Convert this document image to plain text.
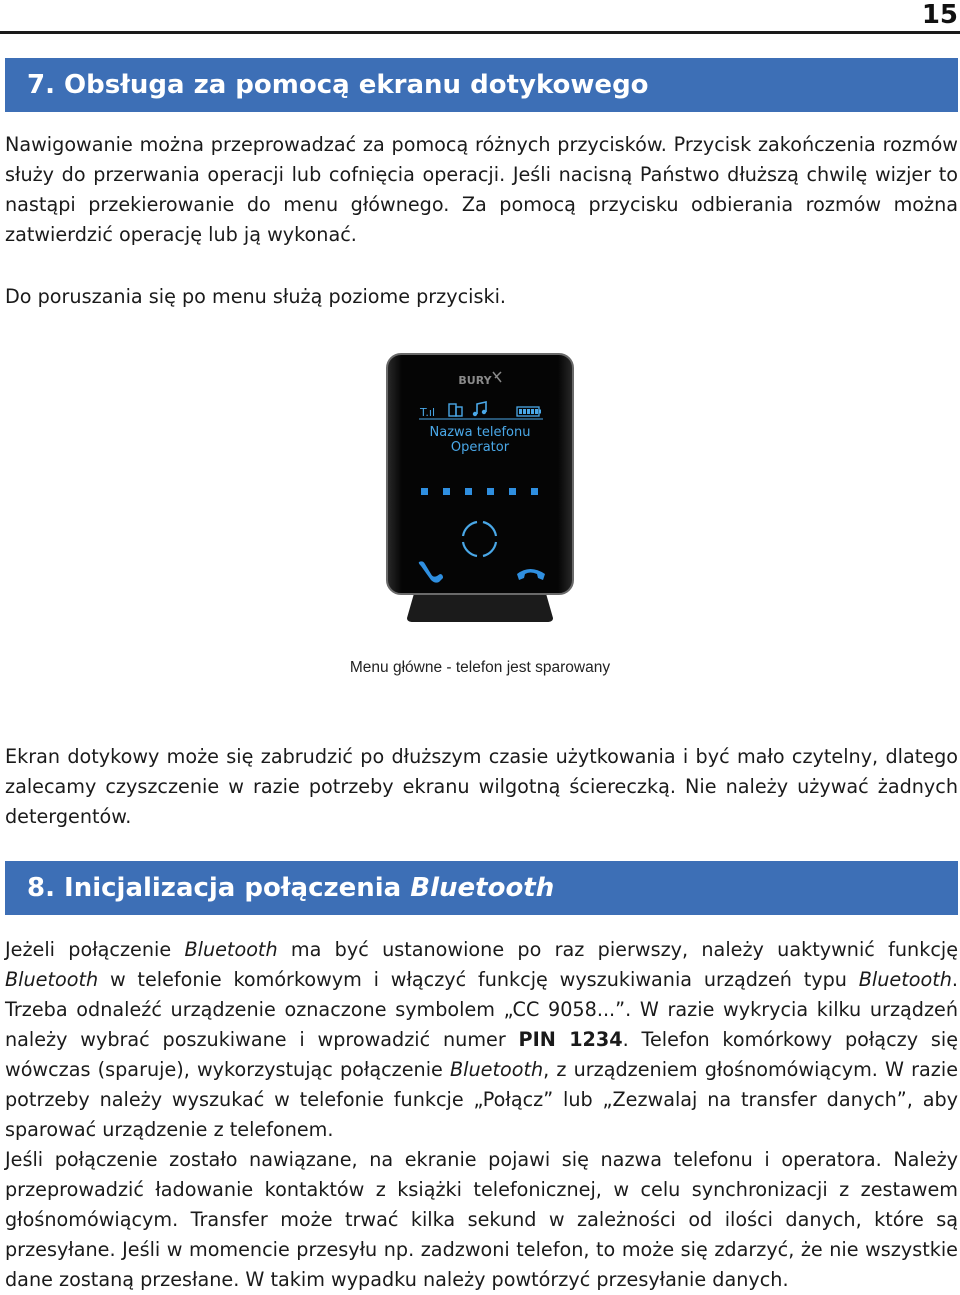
15
7. Obsługa za pomocą ekranu dotykowego

Nawigowanie można przeprowadzać za pomocą różnych przycisków. Przycisk zakończenia rozmów służy do przerwania operacji lub cofnięcia operacji. Jeśli nacisną Państwo dłuższą chwilę wizjer to nastąpi przekierowanie do menu głównego. Za pomocą przycisku odbierania rozmów można zatwierdzić operację lub ją wykonać.

Do poruszania się po menu służą poziome przyciski.

BURY
T.ıl
Nazwa telefonu
Operator
Menu główne - telefon jest sparowany

Ekran dotykowy może się zabrudzić po dłuższym czasie użytkowania i być mało czytelny, dlatego zalecamy czyszczenie w razie potrzeby ekranu wilgotną ściereczką. Nie należy używać żadnych detergentów.

8. Inicjalizacja połączenia Bluetooth

Jeżeli połączenie Bluetooth ma być ustanowione po raz pierwszy, należy uaktywnić funkcję Bluetooth w telefonie komórkowym i włączyć funkcję wyszukiwania urządzeń typu Bluetooth. Trzeba odnaleźć urządzenie oznaczone symbolem „CC 9058...”. W razie wykrycia kilku urządzeń należy wybrać poszukiwane i wprowadzić numer PIN 1234. Telefon komórkowy połączy się wówczas (sparuje), wykorzystując połączenie Bluetooth, z urządzeniem głośnomówiącym. W razie potrzeby należy wyszukać w telefonie funkcje „Połącz” lub „Zezwalaj na transfer danych”, aby sparować urządzenie z telefonem.

Jeśli połączenie zostało nawiązane, na ekranie pojawi się nazwa telefonu i operatora. Należy przeprowadzić ładowanie kontaktów z książki telefonicznej, w celu synchronizacji z zestawem głośnomówiącym. Transfer może trwać kilka sekund w zależności od ilości danych, które są przesyłane. Jeśli w momencie przesyłu np. zadzwoni telefon, to może się zdarzyć, że nie wszystkie dane zostaną przesłane. W takim wypadku należy powtórzyć przesyłanie danych.
